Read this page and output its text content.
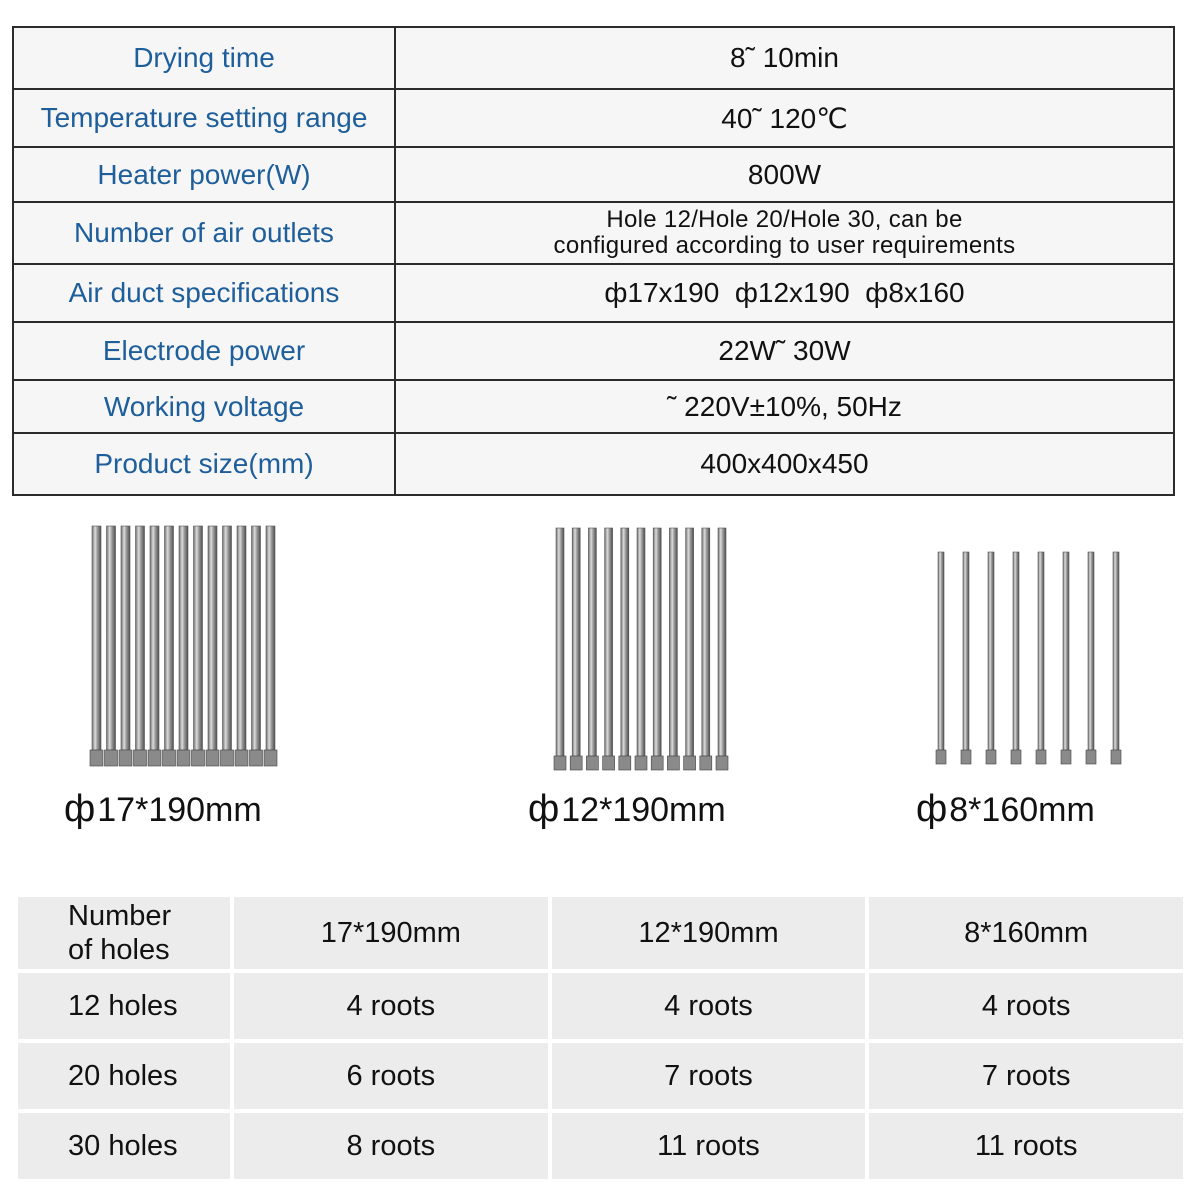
Drying time	8˜ 10min
Temperature setting range	40˜ 120℃
Heater power(W)	800W
Number of air outlets	Hole 12/Hole 20/Hole 30, can be
configured according to user requirements

Air duct specifications	ф17x190  ф12x190  ф8x160
Electrode power	22W˜ 30W
Working voltage	˜ 220V±10%, 50Hz
Product size(mm)	400x400x450
ф17*190mm	ф12*190mm	ф8*160mm
Number
of holes	17*190mm	12*190mm	8*160mm
12 holes	4 roots	4 roots	4 roots
20 holes	6 roots	7 roots	7 roots
30 holes	8 roots	11 roots	11 roots
